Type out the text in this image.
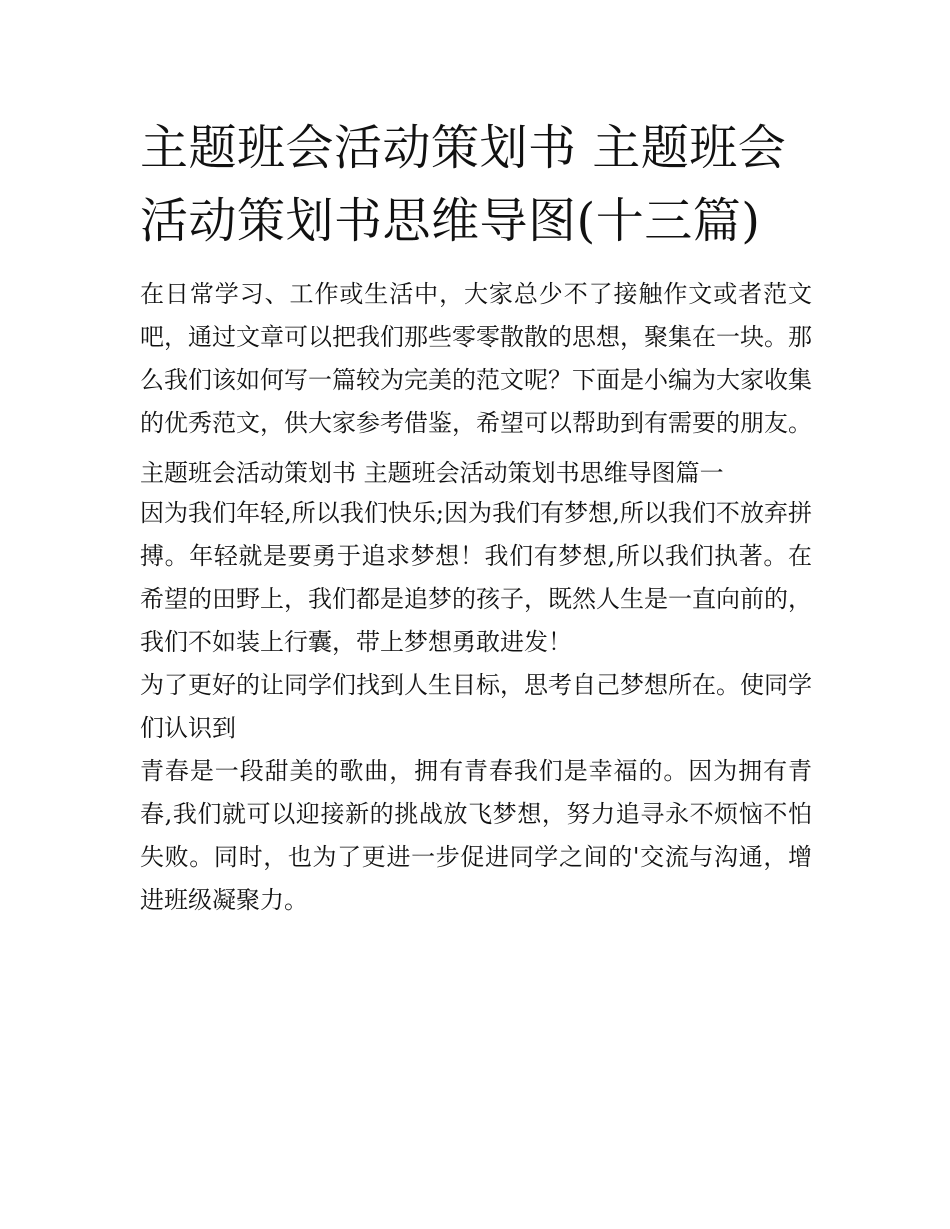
主题班会活动策划书 主题班会活动策划书思维导图(十三篇)

在日常学习、工作或生活中，大家总少不了接触作文或者范文吧，通过文章可以把我们那些零零散散的思想，聚集在一块。那么我们该如何写一篇较为完美的范文呢？下面是小编为大家收集的优秀范文，供大家参考借鉴，希望可以帮助到有需要的朋友。

主题班会活动策划书 主题班会活动策划书思维导图篇一

因为我们年轻,所以我们快乐;因为我们有梦想,所以我们不放弃拼搏。年轻就是要勇于追求梦想！我们有梦想,所以我们执著。在希望的田野上，我们都是追梦的孩子，既然人生是一直向前的，我们不如装上行囊，带上梦想勇敢进发！

为了更好的让同学们找到人生目标，思考自己梦想所在。使同学们认识到

青春是一段甜美的歌曲，拥有青春我们是幸福的。因为拥有青春,我们就可以迎接新的挑战放飞梦想，努力追寻永不烦恼不怕失败。同时，也为了更进一步促进同学之间的'交流与沟通，增进班级凝聚力。
